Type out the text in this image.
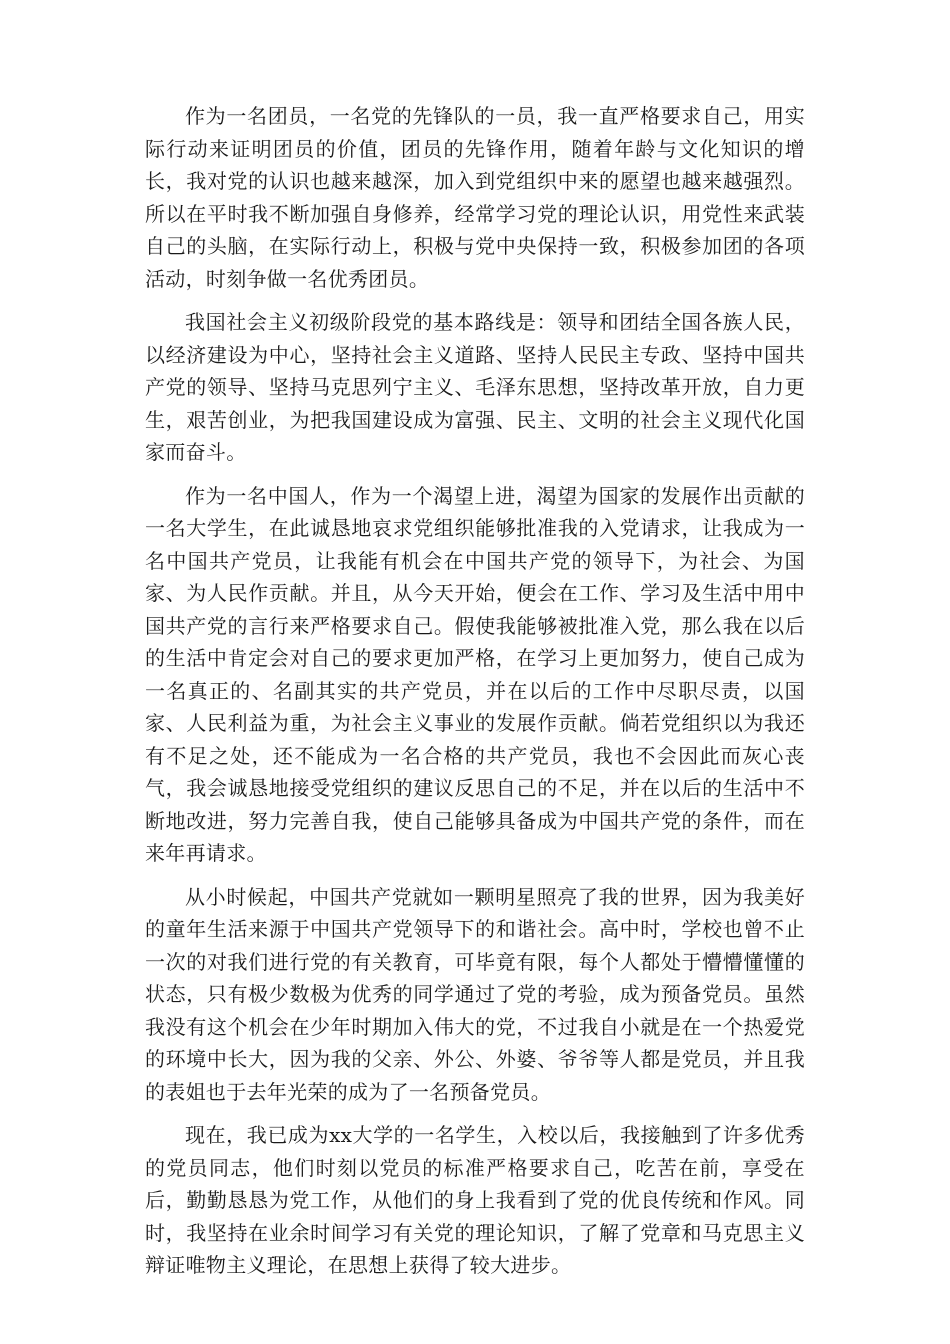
作为一名团员，一名党的先锋队的一员，我一直严格要求自己，用实际行动来证明团员的价值，团员的先锋作用，随着年龄与文化知识的增长，我对党的认识也越来越深，加入到党组织中来的愿望也越来越强烈。所以在平时我不断加强自身修养，经常学习党的理论认识，用党性来武装自己的头脑，在实际行动上，积极与党中央保持一致，积极参加团的各项活动，时刻争做一名优秀团员。

我国社会主义初级阶段党的基本路线是：领导和团结全国各族人民，以经济建设为中心，坚持社会主义道路、坚持人民民主专政、坚持中国共产党的领导、坚持马克思列宁主义、毛泽东思想，坚持改革开放，自力更生，艰苦创业，为把我国建设成为富强、民主、文明的社会主义现代化国家而奋斗。

作为一名中国人，作为一个渴望上进，渴望为国家的发展作出贡献的一名大学生，在此诚恳地哀求党组织能够批准我的入党请求，让我成为一名中国共产党员，让我能有机会在中国共产党的领导下，为社会、为国家、为人民作贡献。并且，从今天开始，便会在工作、学习及生活中用中国共产党的言行来严格要求自己。假使我能够被批准入党，那么我在以后的生活中肯定会对自己的要求更加严格，在学习上更加努力，使自己成为一名真正的、名副其实的共产党员，并在以后的工作中尽职尽责，以国家、人民利益为重，为社会主义事业的发展作贡献。倘若党组织以为我还有不足之处，还不能成为一名合格的共产党员，我也不会因此而灰心丧气，我会诚恳地接受党组织的建议反思自己的不足，并在以后的生活中不断地改进，努力完善自我，使自己能够具备成为中国共产党的条件，而在来年再请求。

从小时候起，中国共产党就如一颗明星照亮了我的世界，因为我美好的童年生活来源于中国共产党领导下的和谐社会。高中时，学校也曾不止一次的对我们进行党的有关教育，可毕竟有限，每个人都处于懵懵懂懂的状态，只有极少数极为优秀的同学通过了党的考验，成为预备党员。虽然我没有这个机会在少年时期加入伟大的党，不过我自小就是在一个热爱党的环境中长大，因为我的父亲、外公、外婆、爷爷等人都是党员，并且我的表姐也于去年光荣的成为了一名预备党员。

现在，我已成为xx大学的一名学生，入校以后，我接触到了许多优秀的党员同志，他们时刻以党员的标准严格要求自己，吃苦在前，享受在后，勤勤恳恳为党工作，从他们的身上我看到了党的优良传统和作风。同时，我坚持在业余时间学习有关党的理论知识，了解了党章和马克思主义辩证唯物主义理论，在思想上获得了较大进步。
